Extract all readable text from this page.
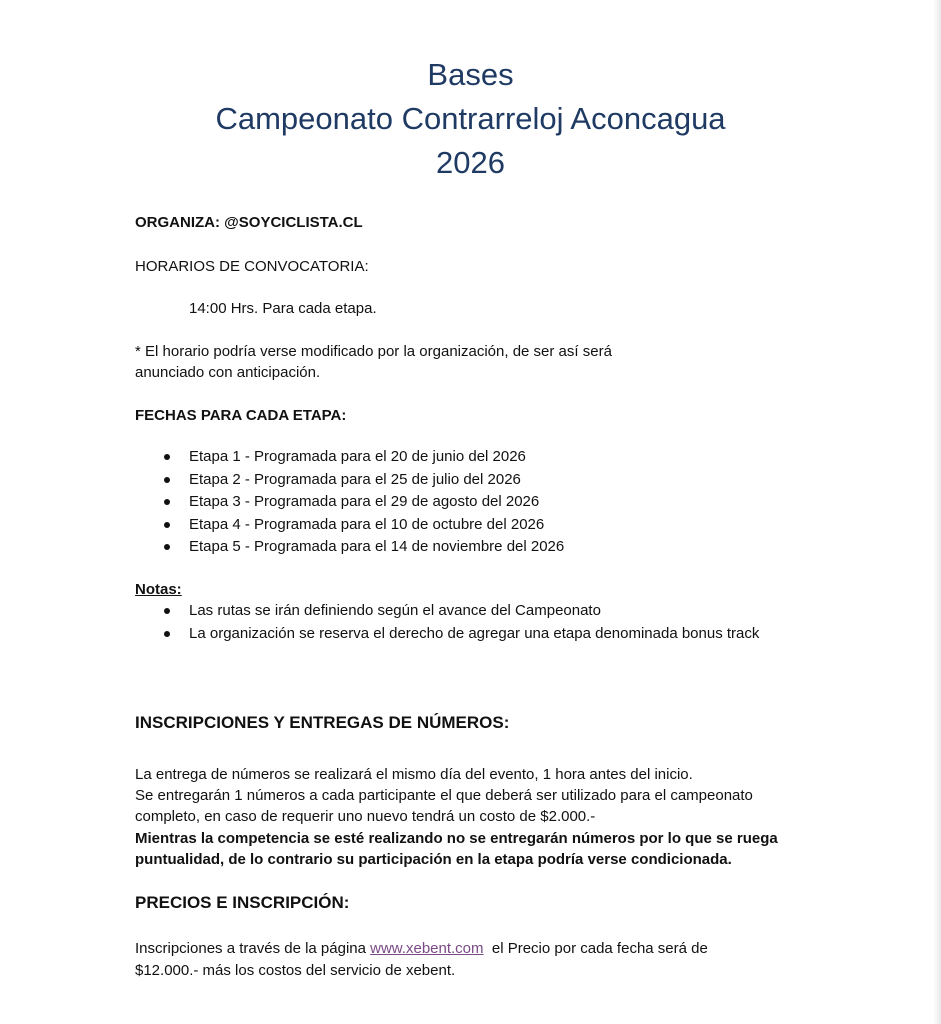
Bases
Campeonato Contrarreloj Aconcagua
2026

ORGANIZA: @SOYCICLISTA.CL

HORARIOS DE CONVOCATORIA:

14:00 Hrs. Para cada etapa.

* El horario podría verse modificado por la organización, de ser así será

anunciado con anticipación.

FECHAS PARA CADA ETAPA:

Etapa 1 - Programada para el 20 de junio del 2026
Etapa 2 - Programada para el 25 de julio del 2026
Etapa 3 - Programada para el 29 de agosto del 2026
Etapa 4 - Programada para el 10 de octubre del 2026
Etapa 5 - Programada para el 14 de noviembre del 2026

Notas:

Las rutas se irán definiendo según el avance del Campeonato
La organización se reserva el derecho de agregar una etapa denominada bonus track
INSCRIPCIONES Y ENTREGAS DE NÚMEROS:

La entrega de números se realizará el mismo día del evento, 1 hora antes del inicio.

Se entregarán 1 números a cada participante el que deberá ser utilizado para el campeonato

completo, en caso de requerir uno nuevo tendrá un costo de $2.000.-

Mientras la competencia se esté realizando no se entregarán números por lo que se ruega

puntualidad, de lo contrario su participación en la etapa podría verse condicionada.

PRECIOS E INSCRIPCIÓN:

Inscripciones a través de la página www.xebent.com  el Precio por cada fecha será de

$12.000.- más los costos del servicio de xebent.
